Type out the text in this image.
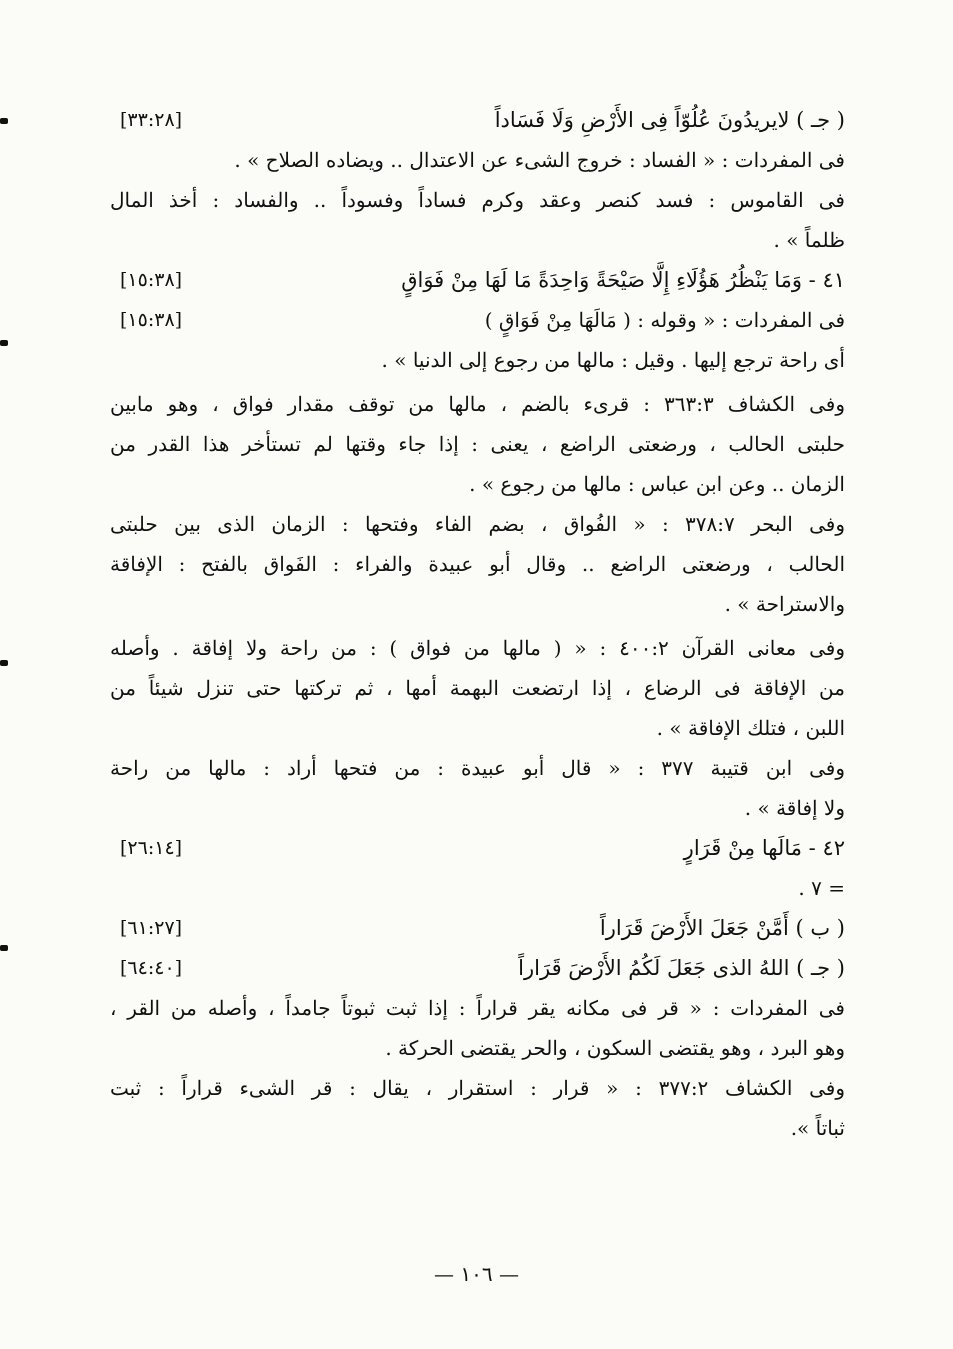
( جـ ) لايريدُونَ عُلُوّاً فِى الأَرْضِ وَلَا فَسَاداً
[٣٣:٢٨]
فى المفردات : « الفساد : خروج الشىء عن الاعتدال .. ويضاده الصلاح » .
فى القاموس : فسد كنصر وعقد وكرم فساداً وفسوداً .. والفساد : أخذ المال
ظلماً » .
٤١ - وَمَا يَنْظُرُ هَؤُلَاءِ إِلَّا صَيْحَةً وَاحِدَةً مَا لَهَا مِنْ فَوَاقٍ
[١٥:٣٨]
فى المفردات : « وقوله : ( مَالَهَا مِنْ فَوَاقٍ )
[١٥:٣٨]
أى راحة ترجع إليها . وقيل : مالها من رجوع إلى الدنيا » .
وفى الكشاف ٣٦٣:٣ : قرىء بالضم ، مالها من توقف مقدار فواق ، وهو مابين
حلبتى الحالب ، ورضعتى الراضع ، يعنى : إذا جاء وقتها لم تستأخر هذا القدر من
الزمان .. وعن ابن عباس : مالها من رجوع » .
وفى البحر ٣٧٨:٧ : « الفُواق ، بضم الفاء وفتحها : الزمان الذى بين حلبتى
الحالب ، ورضعتى الراضع .. وقال أبو عبيدة والفراء : الفَواق بالفتح : الإفاقة
والاستراحة » .
وفى معانى القرآن ٤٠٠:٢ : « ( مالها من فواق ) : من راحة ولا إفاقة . وأصله
من الإفاقة فى الرضاع ، إذا ارتضعت البهمة أمها ، ثم تركتها حتى تنزل شيئاً من
اللبن ، فتلك الإفاقة » .
وفى ابن قتيبة ٣٧٧ : « قال أبو عبيدة : من فتحها أراد : مالها من راحة
ولا إفاقة » .
٤٢ - مَالَها مِنْ قَرَارٍ
[٢٦:١٤]
= ٧ .
( ب ) أَمَّنْ جَعَلَ الأَرْضَ قَرَاراً
[٦١:٢٧]
( جـ ) اللهُ الذى جَعَلَ لَكُمُ الأَرْضَ قَرَاراً
[٦٤:٤٠]
فى المفردات : « قر فى مكانه يقر قراراً : إذا ثبت ثبوتاً جامداً ، وأصله من القر ،
وهو البرد ، وهو يقتضى السكون ، والحر يقتضى الحركة .
وفى الكشاف ٣٧٧:٢ : « قرار : استقرار ، يقال : قر الشىء قراراً : ثبت
ثباتاً ».
— ١٠٦ —
